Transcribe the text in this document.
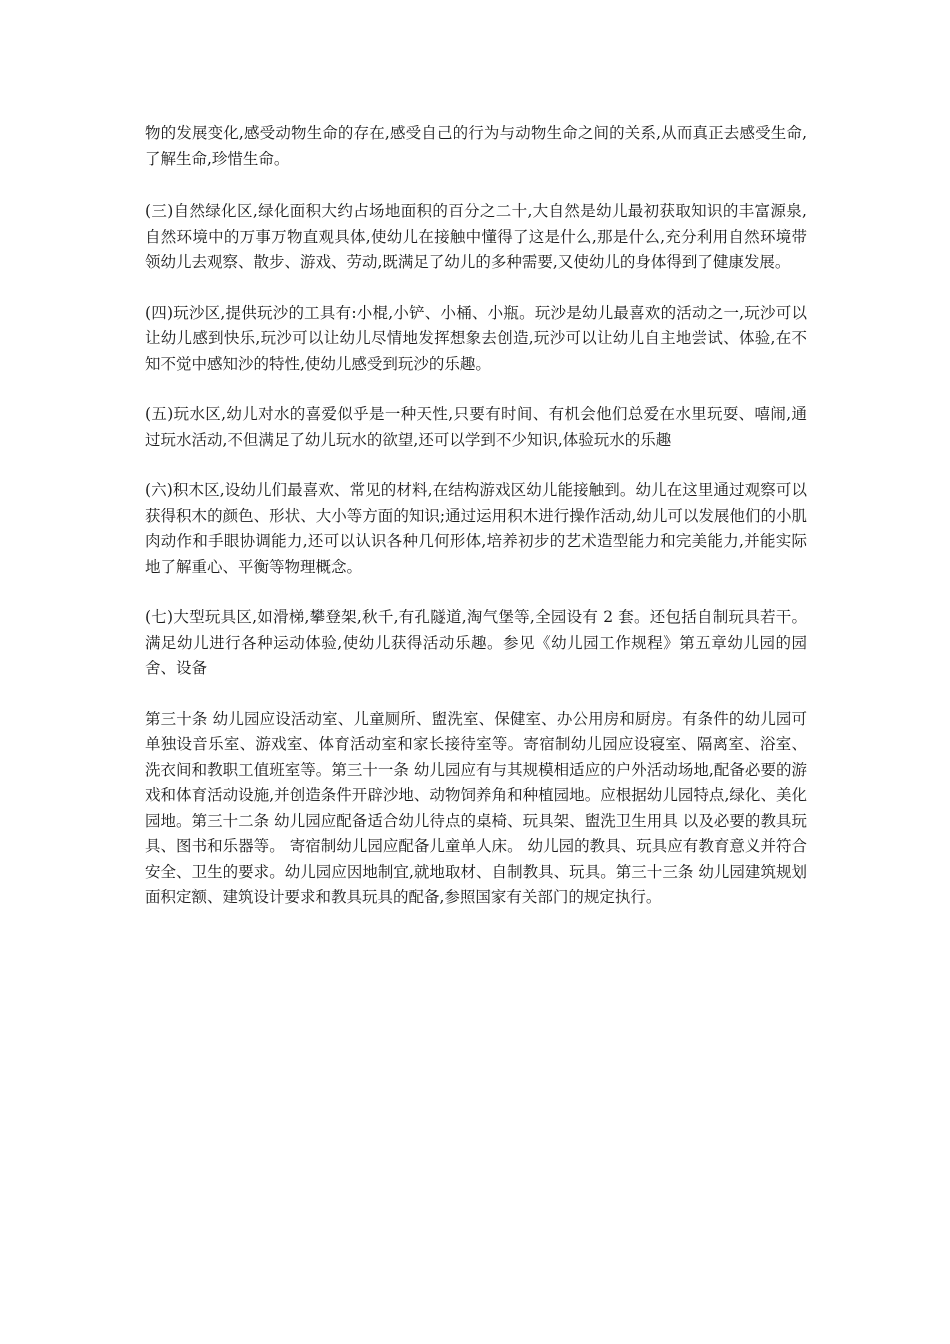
物的发展变化,感受动物生命的存在,感受自己的行为与动物生命之间的关系,从而真正去感受生命,了解生命,珍惜生命。

(三)自然绿化区,绿化面积大约占场地面积的百分之二十,大自然是幼儿最初获取知识的丰富源泉,自然环境中的万事万物直观具体,使幼儿在接触中懂得了这是什么,那是什么,充分利用自然环境带领幼儿去观察、散步、游戏、劳动,既满足了幼儿的多种需要,又使幼儿的身体得到了健康发展。

(四)玩沙区,提供玩沙的工具有:小棍,小铲、小桶、小瓶。玩沙是幼儿最喜欢的活动之一,玩沙可以让幼儿感到快乐,玩沙可以让幼儿尽情地发挥想象去创造,玩沙可以让幼儿自主地尝试、体验,在不知不觉中感知沙的特性,使幼儿感受到玩沙的乐趣。

(五)玩水区,幼儿对水的喜爱似乎是一种天性,只要有时间、有机会他们总爱在水里玩耍、嘻闹,通过玩水活动,不但满足了幼儿玩水的欲望,还可以学到不少知识,体验玩水的乐趣

(六)积木区,设幼儿们最喜欢、常见的材料,在结构游戏区幼儿能接触到。幼儿在这里通过观察可以获得积木的颜色、形状、大小等方面的知识;通过运用积木进行操作活动,幼儿可以发展他们的小肌肉动作和手眼协调能力,还可以认识各种几何形体,培养初步的艺术造型能力和完美能力,并能实际地了解重心、平衡等物理概念。

(七)大型玩具区,如滑梯,攀登架,秋千,有孔隧道,淘气堡等,全园设有 2 套。还包括自制玩具若干。满足幼儿进行各种运动体验,使幼儿获得活动乐趣。参见《幼儿园工作规程》第五章幼儿园的园舍、设备

第三十条 幼儿园应设活动室、儿童厕所、盥洗室、保健室、办公用房和厨房。有条件的幼儿园可单独设音乐室、游戏室、体育活动室和家长接待室等。寄宿制幼儿园应设寝室、隔离室、浴室、洗衣间和教职工值班室等。第三十一条 幼儿园应有与其规模相适应的户外活动场地,配备必要的游戏和体育活动设施,并创造条件开辟沙地、动物饲养角和种植园地。应根据幼儿园特点,绿化、美化园地。第三十二条 幼儿园应配备适合幼儿待点的桌椅、玩具架、盥洗卫生用具 以及必要的教具玩具、图书和乐器等。 寄宿制幼儿园应配备儿童单人床。 幼儿园的教具、玩具应有教育意义并符合安全、卫生的要求。幼儿园应因地制宜,就地取材、自制教具、玩具。第三十三条 幼儿园建筑规划面积定额、建筑设计要求和教具玩具的配备,参照国家有关部门的规定执行。
